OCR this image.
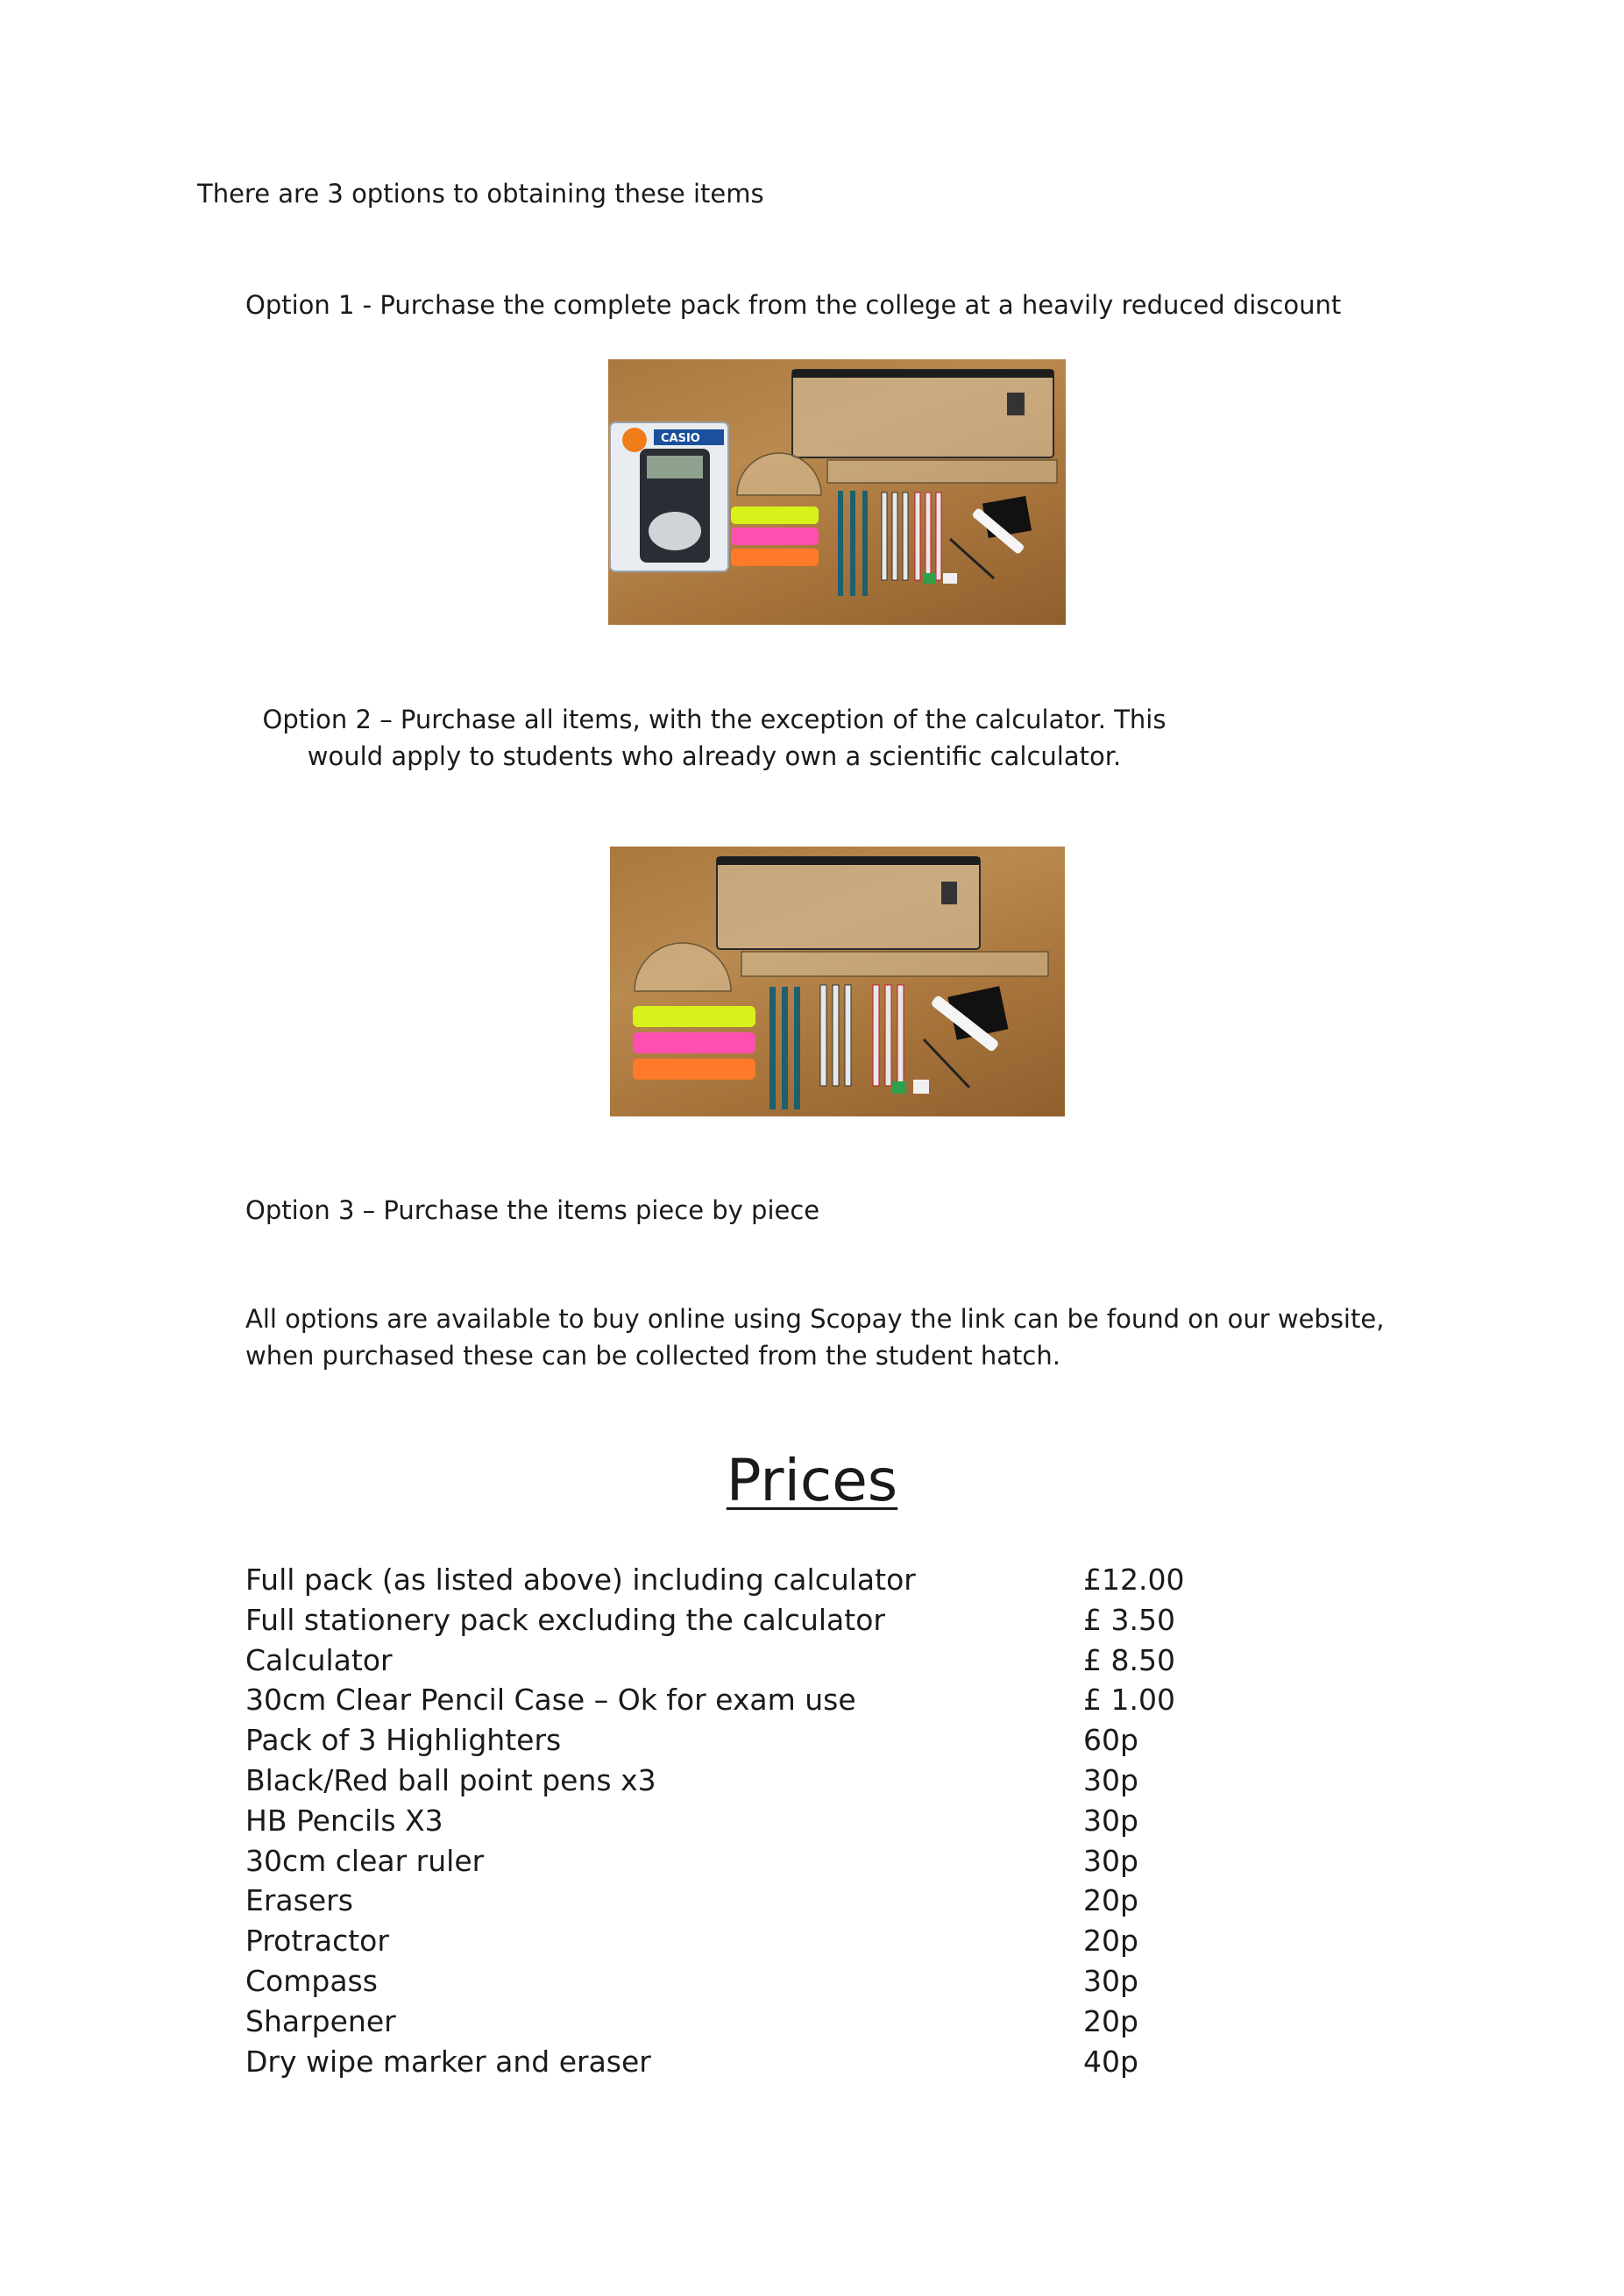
There are 3 options to obtaining these items
Option 1 - Purchase the complete pack from the college at a heavily reduced discount
CASIO
Option 2 – Purchase all items, with the exception of the calculator. This would apply to students who already own a scientific calculator.
Option 3 – Purchase the items piece by piece
All options are available to buy online using Scopay the link can be found on our website, when purchased these can be collected from the student hatch.
Prices
Full pack (as listed above) including calculator	£12.00
Full stationery pack excluding the calculator	£ 3.50
Calculator	£ 8.50
30cm Clear Pencil Case – Ok for exam use	£ 1.00
Pack of 3 Highlighters	60p
Black/Red ball point pens x3	30p
HB Pencils X3	30p
30cm clear ruler	30p
Erasers	20p
Protractor	20p
Compass	30p
Sharpener	20p
Dry wipe marker and eraser	40p
